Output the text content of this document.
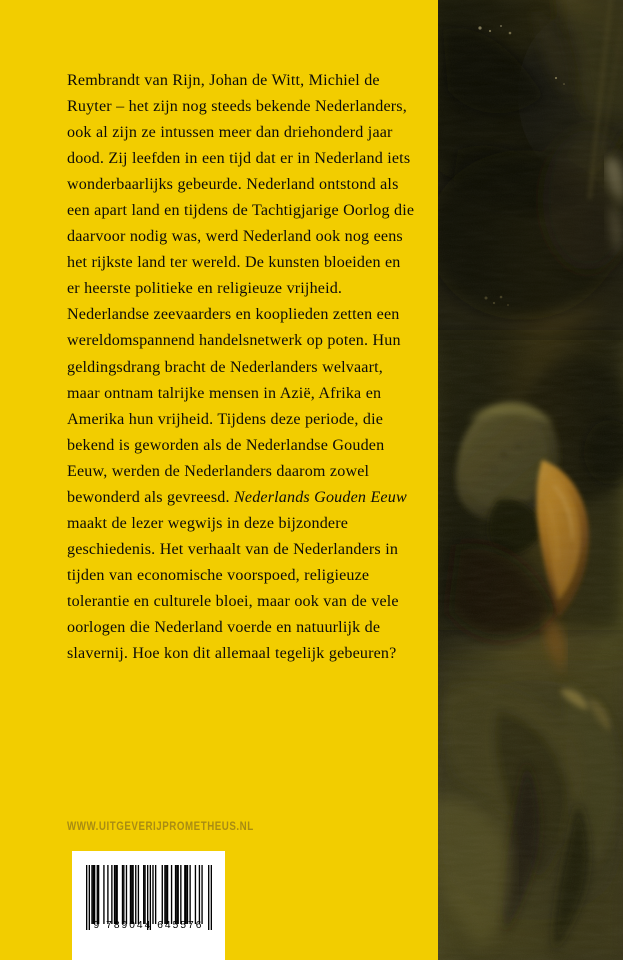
Rembrandt van Rijn, Johan de Witt, Michiel de Ruyter – het zijn nog steeds bekende Nederlanders, ook al zijn ze intussen meer dan driehonderd jaar dood. Zij leefden in een tijd dat er in Nederland iets wonderbaarlijks gebeurde. Nederland ontstond als een apart land en tijdens de Tachtigjarige Oorlog die daarvoor nodig was, werd Nederland ook nog eens het rijkste land ter wereld. De kunsten bloeiden en er heerste politieke en religieuze vrijheid. Nederlandse zeevaarders en kooplieden zetten een wereldomspannend handelsnetwerk op poten. Hun geldingsdrang bracht de Nederlanders welvaart, maar ontnam talrijke mensen in Azië, Afrika en Amerika hun vrijheid. Tijdens deze periode, die bekend is geworden als de Nederlandse Gouden Eeuw, werden de Nederlanders daarom zowel bewonderd als gevreesd. Nederlands Gouden Eeuw maakt de lezer wegwijs in deze bijzondere geschiedenis. Het verhaalt van de Nederlanders in tijden van economische voorspoed, religieuze tolerantie en culturele bloei, maar ook van de vele oorlogen die Nederland voerde en natuurlijk de slavernij. Hoe kon dit allemaal tegelijk gebeuren?
WWW.UITGEVERIJPROMETHEUS.NL
9 789044 645576
